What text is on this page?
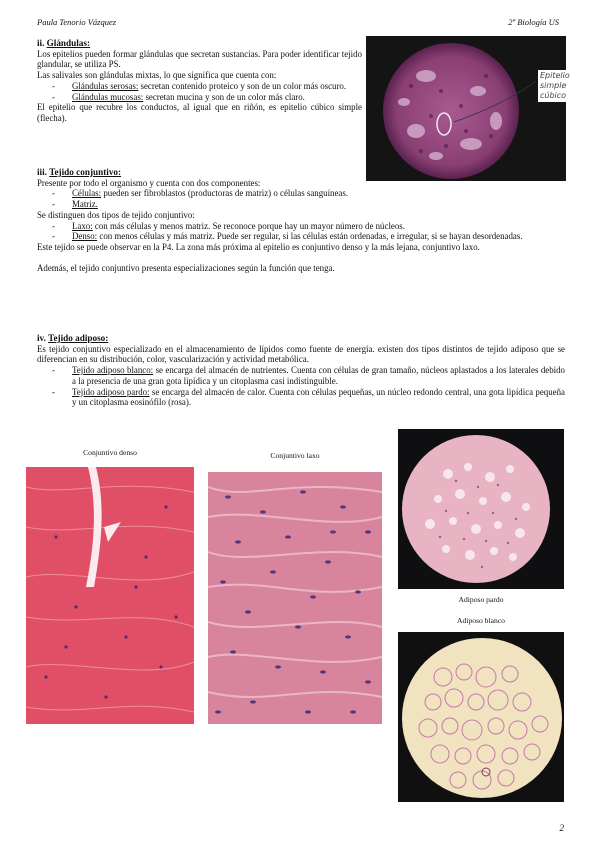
Paula Tenorio Vázquez	2º Biología US
ii. Glándulas:
Los epitelios pueden formar glándulas que secretan sustancias. Para poder identificar tejido glandular, se utiliza PS.
Las salivales son glándulas mixtas, lo que significa que cuenta con:
- Glándulas serosas: secretan contenido proteico y son de un color más oscuro.
- Glándulas mucosas: secretan mucina y son de un color más claro.
El epitelio que recubre los conductos, al igual que en riñón, es epitelio cúbico simple (flecha).
Epitelio
simple
cúbico
iii. Tejido conjuntivo:
Presente por todo el organismo y cuenta con dos componentes:
- Células: pueden ser fibroblastos (productoras de matriz) o células sanguíneas.
- Matriz.
Se distinguen dos tipos de tejido conjuntivo:
- Laxo: con más células y menos matriz. Se reconoce porque hay un mayor número de núcleos.
- Denso: con menos células y más matriz. Puede ser regular, si las células están ordenadas, e irregular, si se hayan desordenadas.
Este tejido se puede observar en la P4. La zona más próxima al epitelio es conjuntivo denso y la más lejana, conjuntivo laxo.
Además, el tejido conjuntivo presenta especializaciones según la función que tenga.
iv. Tejido adiposo:
Es tejido conjuntivo especializado en el almacenamiento de lípidos como fuente de energía. existen dos tipos distintos de tejido adiposo que se diferencian en su distribución, color, vascularización y actividad metabólica.
- Tejido adiposo blanco: se encarga del almacén de nutrientes. Cuenta con células de gran tamaño, núcleos aplastados a los laterales debido a la presencia de una gran gota lipídica y un citoplasma casi indistinguible.
- Tejido adiposo pardo: se encarga del almacén de calor. Cuenta con células pequeñas, un núcleo redondo central, una gota lipídica pequeña y un citoplasma eosinófilo (rosa).
Conjuntivo denso	Conjuntivo laxo
Adiposo pardo
Adiposo blanco
2
